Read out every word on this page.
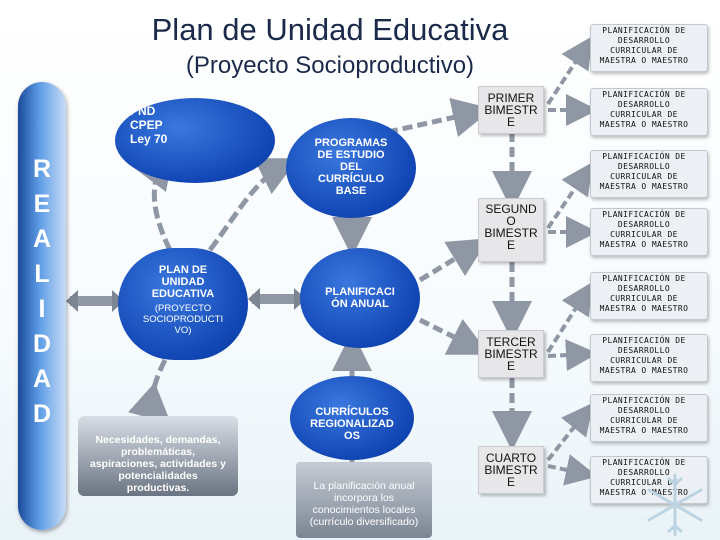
Plan de Unidad Educativa
(Proyecto Socioproductivo)
R
E
A
L
I
D
A
D
PND
CPEP
Ley 70	PROGRAMAS
DE ESTUDIO
DEL
CURRÍCULO
BASE
PLAN DE
UNIDAD
EDUCATIVA
(PROYECTO
SOCIOPRODUCTI
VO)
PLANIFICACI
ÓN ANUAL
CURRÍCULOS
REGIONALIZAD
OS
Necesidades, demandas, problemáticas, aspiraciones, actividades y potencialidades productivas.	La planificación anual incorpora los conocimientos locales (currículo diversificado)
PRIMER
BIMESTR
E
SEGUND
O
BIMESTR
E
TERCER
BIMESTR
E
CUARTO
BIMESTR
E
PLANIFICACIÓN DE
DESARROLLO
CURRICULAR DE
MAESTRA O MAESTRO
PLANIFICACIÓN DE
DESARROLLO
CURRICULAR DE
MAESTRA O MAESTRO
PLANIFICACIÓN DE
DESARROLLO
CURRICULAR DE
MAESTRA O MAESTRO
PLANIFICACIÓN DE
DESARROLLO
CURRICULAR DE
MAESTRA O MAESTRO
PLANIFICACIÓN DE
DESARROLLO
CURRICULAR DE
MAESTRA O MAESTRO
PLANIFICACIÓN DE
DESARROLLO
CURRICULAR DE
MAESTRA O MAESTRO
PLANIFICACIÓN DE
DESARROLLO
CURRICULAR DE
MAESTRA O MAESTRO
PLANIFICACIÓN DE
DESARROLLO
CURRICULAR DE
MAESTRA O MAESTRO
